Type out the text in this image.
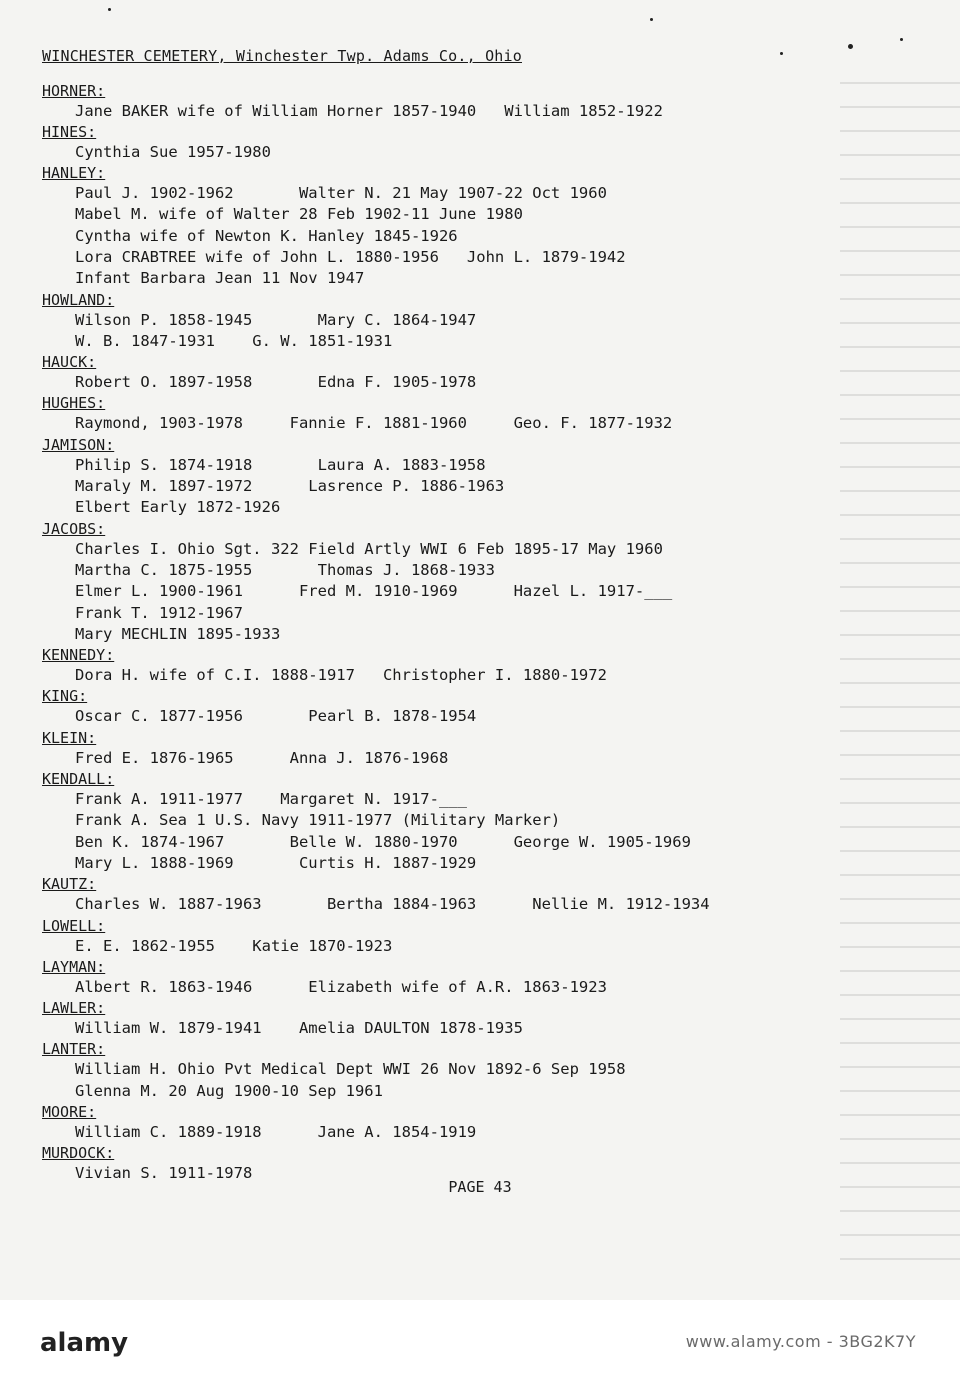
WINCHESTER CEMETERY, Winchester Twp. Adams Co., Ohio
HORNER:
Jane BAKER wife of William Horner 1857-1940   William 1852-1922
HINES:
Cynthia Sue 1957-1980
HANLEY:
Paul J. 1902-1962       Walter N. 21 May 1907-22 Oct 1960
Mabel M. wife of Walter 28 Feb 1902-11 June 1980
Cyntha wife of Newton K. Hanley 1845-1926
Lora CRABTREE wife of John L. 1880-1956   John L. 1879-1942
Infant Barbara Jean 11 Nov 1947
HOWLAND:
Wilson P. 1858-1945       Mary C. 1864-1947
W. B. 1847-1931    G. W. 1851-1931
HAUCK:
Robert O. 1897-1958       Edna F. 1905-1978
HUGHES:
Raymond, 1903-1978     Fannie F. 1881-1960     Geo. F. 1877-1932
JAMISON:
Philip S. 1874-1918       Laura A. 1883-1958
Maraly M. 1897-1972      Lasrence P. 1886-1963
Elbert Early 1872-1926
JACOBS:
Charles I. Ohio Sgt. 322 Field Artly WWI 6 Feb 1895-17 May 1960
Martha C. 1875-1955       Thomas J. 1868-1933
Elmer L. 1900-1961      Fred M. 1910-1969      Hazel L. 1917-___
Frank T. 1912-1967
Mary MECHLIN 1895-1933
KENNEDY:
Dora H. wife of C.I. 1888-1917   Christopher I. 1880-1972
KING:
Oscar C. 1877-1956       Pearl B. 1878-1954
KLEIN:
Fred E. 1876-1965      Anna J. 1876-1968
KENDALL:
Frank A. 1911-1977    Margaret N. 1917-___
Frank A. Sea 1 U.S. Navy 1911-1977 (Military Marker)
Ben K. 1874-1967       Belle W. 1880-1970      George W. 1905-1969
Mary L. 1888-1969       Curtis H. 1887-1929
KAUTZ:
Charles W. 1887-1963       Bertha 1884-1963      Nellie M. 1912-1934
LOWELL:
E. E. 1862-1955    Katie 1870-1923
LAYMAN:
Albert R. 1863-1946      Elizabeth wife of A.R. 1863-1923
LAWLER:
William W. 1879-1941    Amelia DAULTON 1878-1935
LANTER:
William H. Ohio Pvt Medical Dept WWI 26 Nov 1892-6 Sep 1958
Glenna M. 20 Aug 1900-10 Sep 1961
MOORE:
William C. 1889-1918      Jane A. 1854-1919
MURDOCK:
Vivian S. 1911-1978
PAGE 43
alamy	www.alamy.com - 3BG2K7Y
